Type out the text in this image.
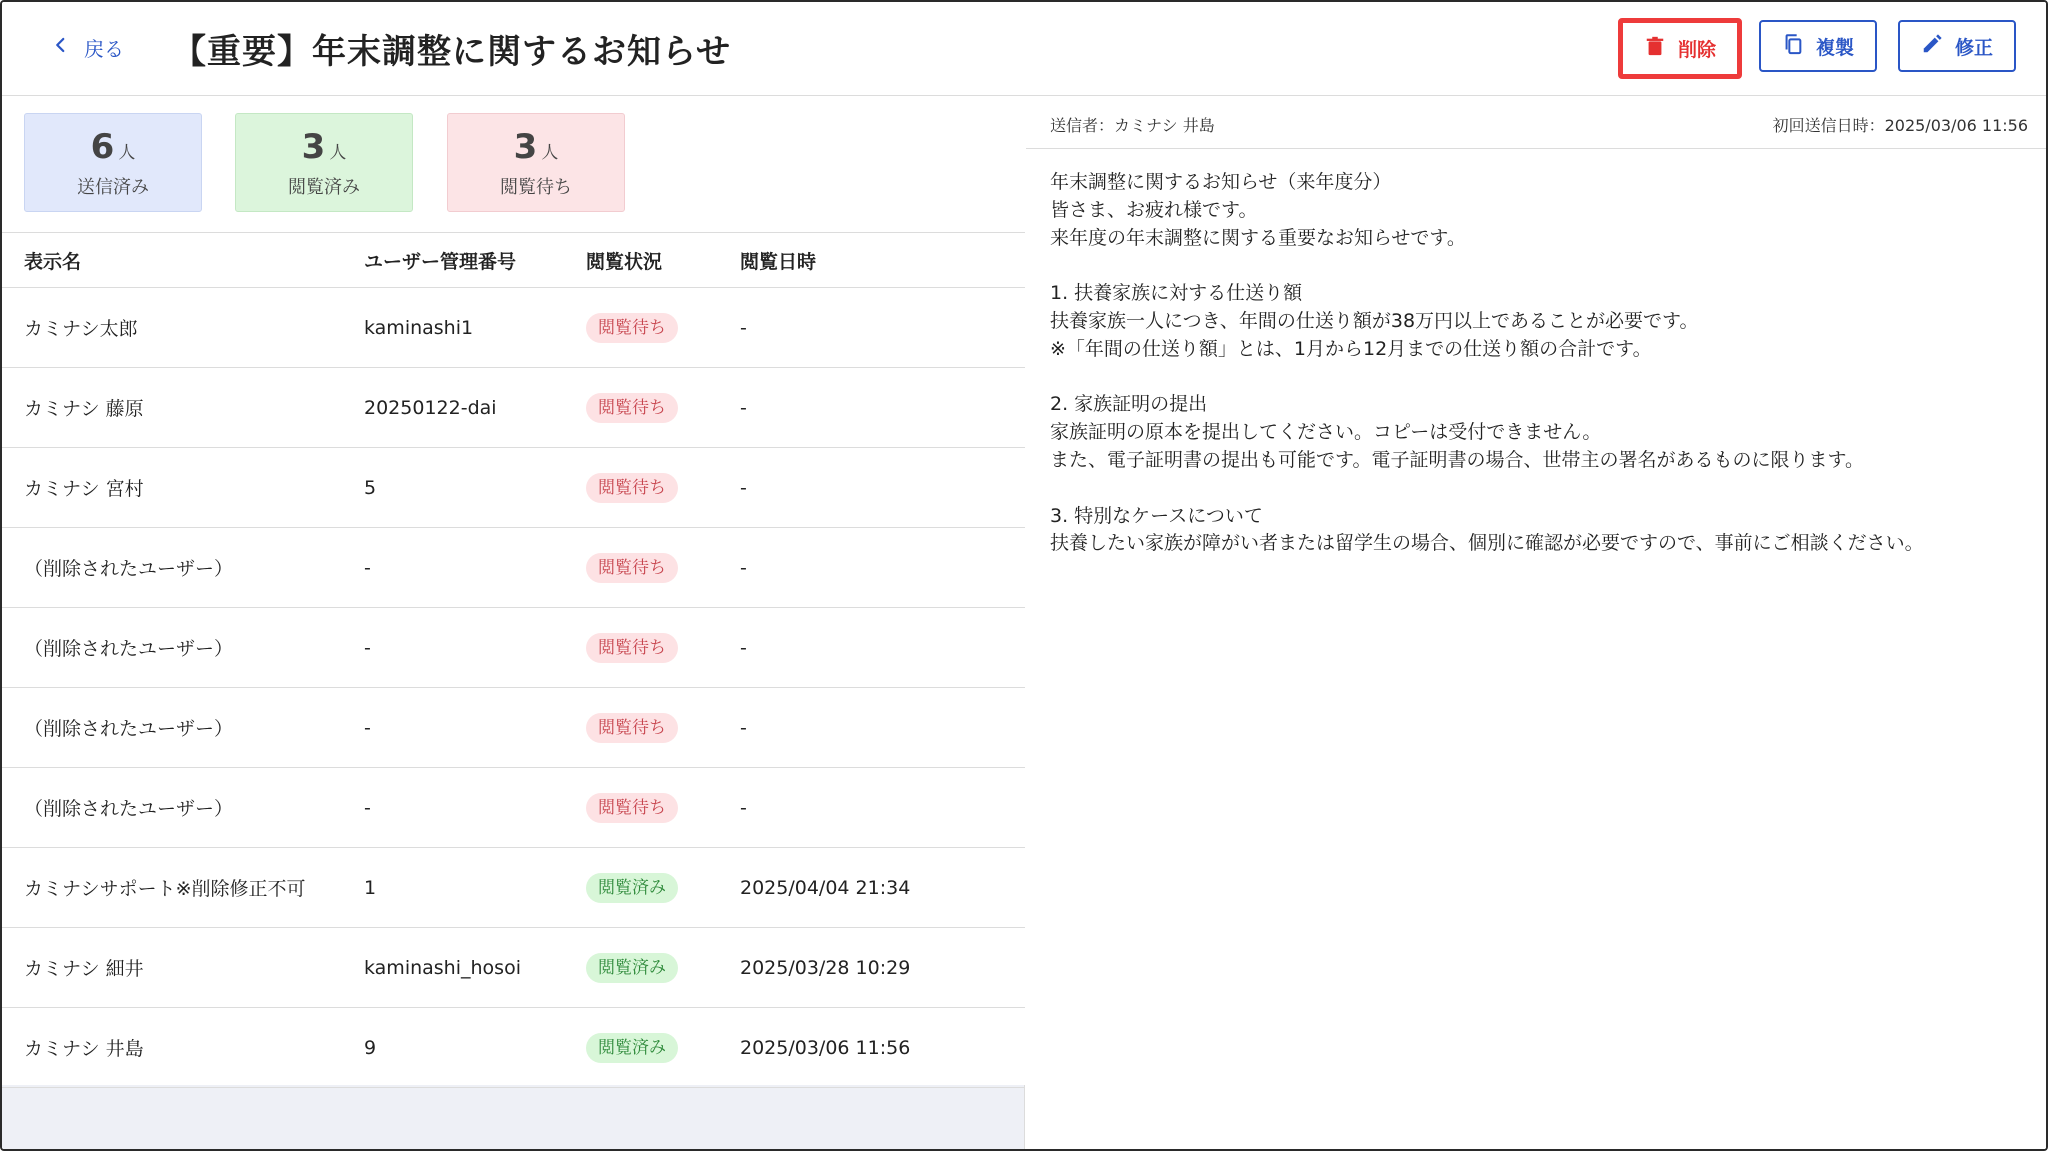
戻る 【重要】年末調整に関するお知らせ	削除	複製	修正
6 人
送信済み
3 人
閲覧済み
3 人
閲覧待ち
表示名	ユーザー管理番号	閲覧状況	閲覧日時
カミナシ太郎	kaminashi1	閲覧待ち	-
カミナシ 藤原	20250122-dai	閲覧待ち	-
カミナシ 宮村	5	閲覧待ち	-
（削除されたユーザー）	-	閲覧待ち	-
（削除されたユーザー）	-	閲覧待ち	-
（削除されたユーザー）	-	閲覧待ち	-
（削除されたユーザー）	-	閲覧待ち	-
カミナシサポート※削除修正不可	1	閲覧済み	2025/04/04 21:34
カミナシ 細井	kaminashi_hosoi	閲覧済み	2025/03/28 10:29
カミナシ 井島	9	閲覧済み	2025/03/06 11:56
送信者：カミナシ 井島	初回送信日時：2025/03/06 11:56
年末調整に関するお知らせ（来年度分）
皆さま、お疲れ様です。
来年度の年末調整に関する重要なお知らせです。

1. 扶養家族に対する仕送り額
扶養家族一人につき、年間の仕送り額が38万円以上であることが必要です。
※「年間の仕送り額」とは、1月から12月までの仕送り額の合計です。

2. 家族証明の提出
家族証明の原本を提出してください。コピーは受付できません。
また、電子証明書の提出も可能です。電子証明書の場合、世帯主の署名があるものに限ります。

3. 特別なケースについて
扶養したい家族が障がい者または留学生の場合、個別に確認が必要ですので、事前にご相談ください。
